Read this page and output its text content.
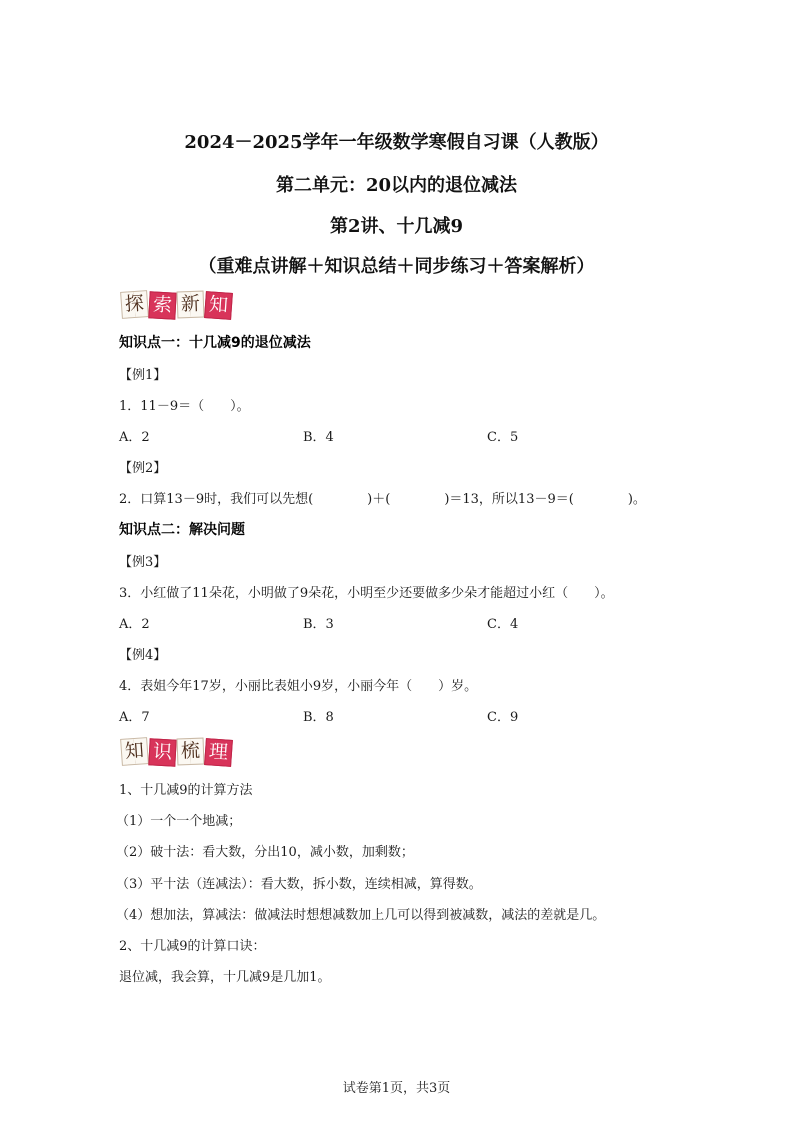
2024－2025学年一年级数学寒假自习课（人教版）
第二单元：20以内的退位减法
第2讲、十几减9
（重难点讲解＋知识总结＋同步练习＋答案解析）
探 索 新 知
知识点一：十几减9的退位减法
【例1】
1．11－9＝（　　）。
A．2	B．4	C．5
【例2】
2．口算13－9时，我们可以先想(	)＋(	)＝13，所以13－9＝(	)。
知识点二：解决问题
【例3】
3．小红做了11朵花，小明做了9朵花，小明至少还要做多少朵才能超过小红（　　）。
A．2	B．3	C．4
【例4】
4．表姐今年17岁，小丽比表姐小9岁，小丽今年（　　）岁。
A．7	B．8	C．9
知 识 梳 理
1、十几减9的计算方法
（1）一个一个地减；
（2）破十法：看大数，分出10，减小数，加剩数；
（3）平十法（连减法）：看大数，拆小数，连续相减，算得数。
（4）想加法，算减法：做减法时想想减数加上几可以得到被减数，减法的差就是几。
2、十几减9的计算口诀：
退位减，我会算，十几减9是几加1。
试卷第1页，共3页
